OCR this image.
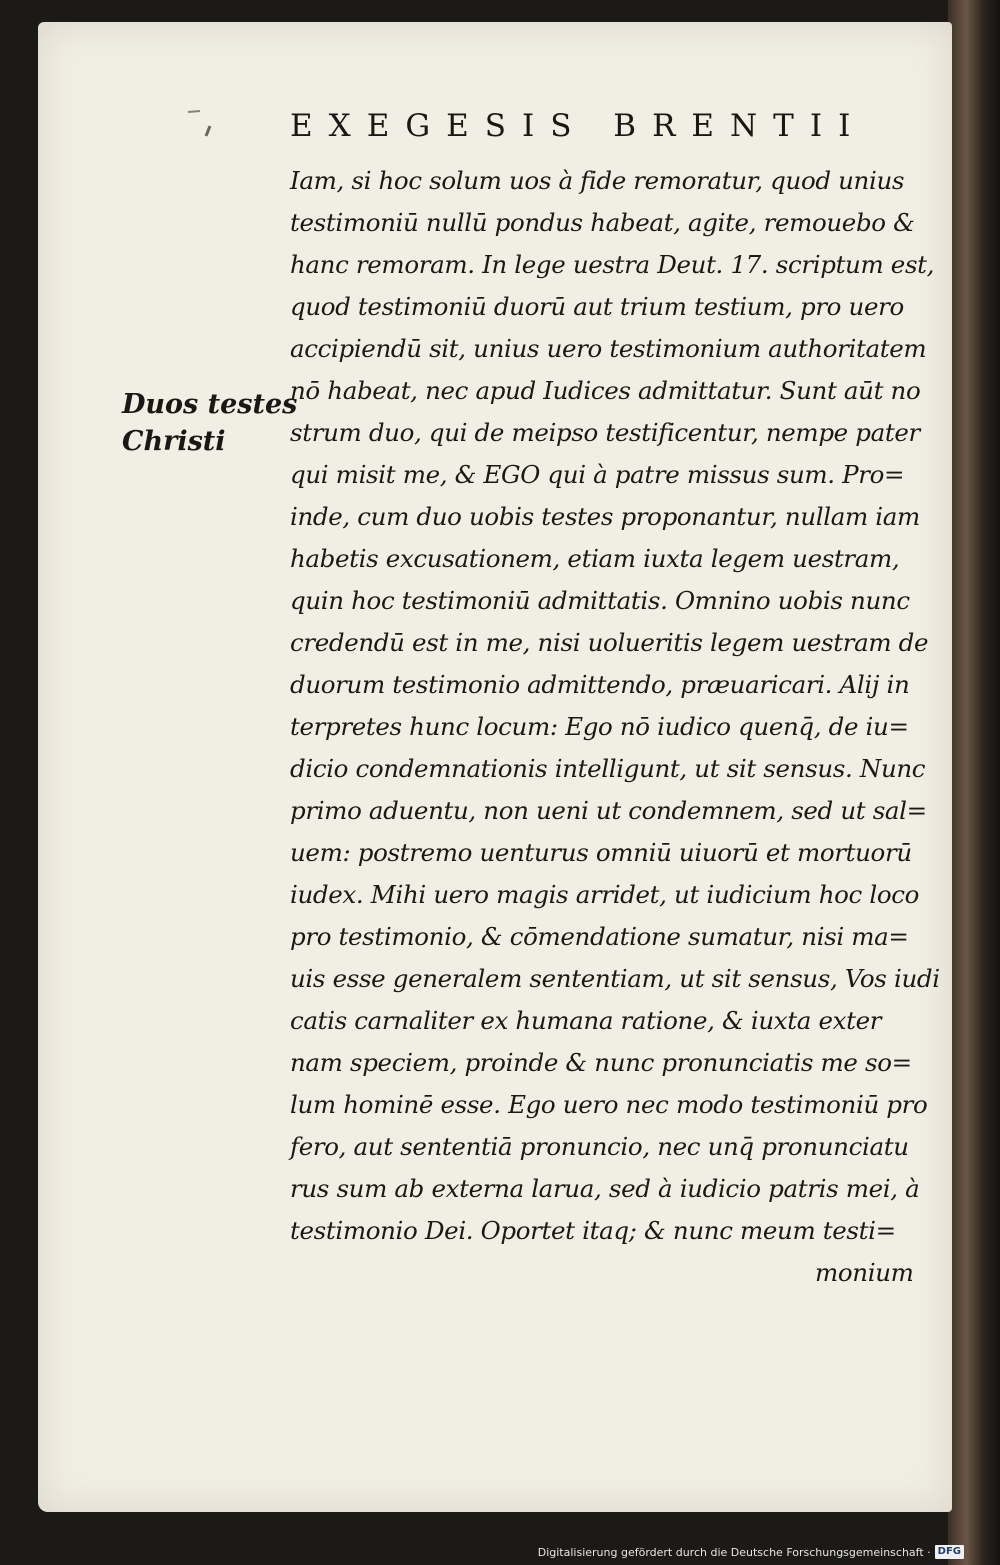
EXEGESIS BRENTII
Duos testes
Christi
Iam, si hoc solum uos à fide remoratur, quod unius
testimoniū nullū pondus habeat, agite, remouebo &
hanc remoram. In lege uestra Deut. 17. scriptum est,
quod testimoniū duorū aut trium testium, pro uero
accipiendū sit, unius uero testimonium authoritatem
nō habeat, nec apud Iudices admittatur. Sunt aūt no
strum duo, qui de meipso testificentur, nempe pater
qui misit me, & EGO qui à patre missus sum. Pro=
inde, cum duo uobis testes proponantur, nullam iam
habetis excusationem, etiam iuxta legem uestram,
quin hoc testimoniū admittatis. Omnino uobis nunc
credendū est in me, nisi uolueritis legem uestram de
duorum testimonio admittendo, præuaricari. Alij in
terpretes hunc locum: Ego nō iudico quenq̄, de iu=
dicio condemnationis intelligunt, ut sit sensus. Nunc
primo aduentu, non ueni ut condemnem, sed ut sal=
uem: postremo uenturus omniū uiuorū et mortuorū
iudex. Mihi uero magis arridet, ut iudicium hoc loco
pro testimonio, & cōmendatione sumatur, nisi ma=
uis esse generalem sententiam, ut sit sensus, Vos iudi
catis carnaliter ex humana ratione, & iuxta exter
nam speciem, proinde & nunc pronunciatis me so=
lum hominē esse. Ego uero nec modo testimoniū pro
fero, aut sententiā pronuncio, nec unq̄ pronunciatu
rus sum ab externa larua, sed à iudicio patris mei, à
testimonio Dei. Oportet itaq; & nunc meum testi=
monium
Digitalisierung gefördert durch die Deutsche Forschungsgemeinschaft · DFG
